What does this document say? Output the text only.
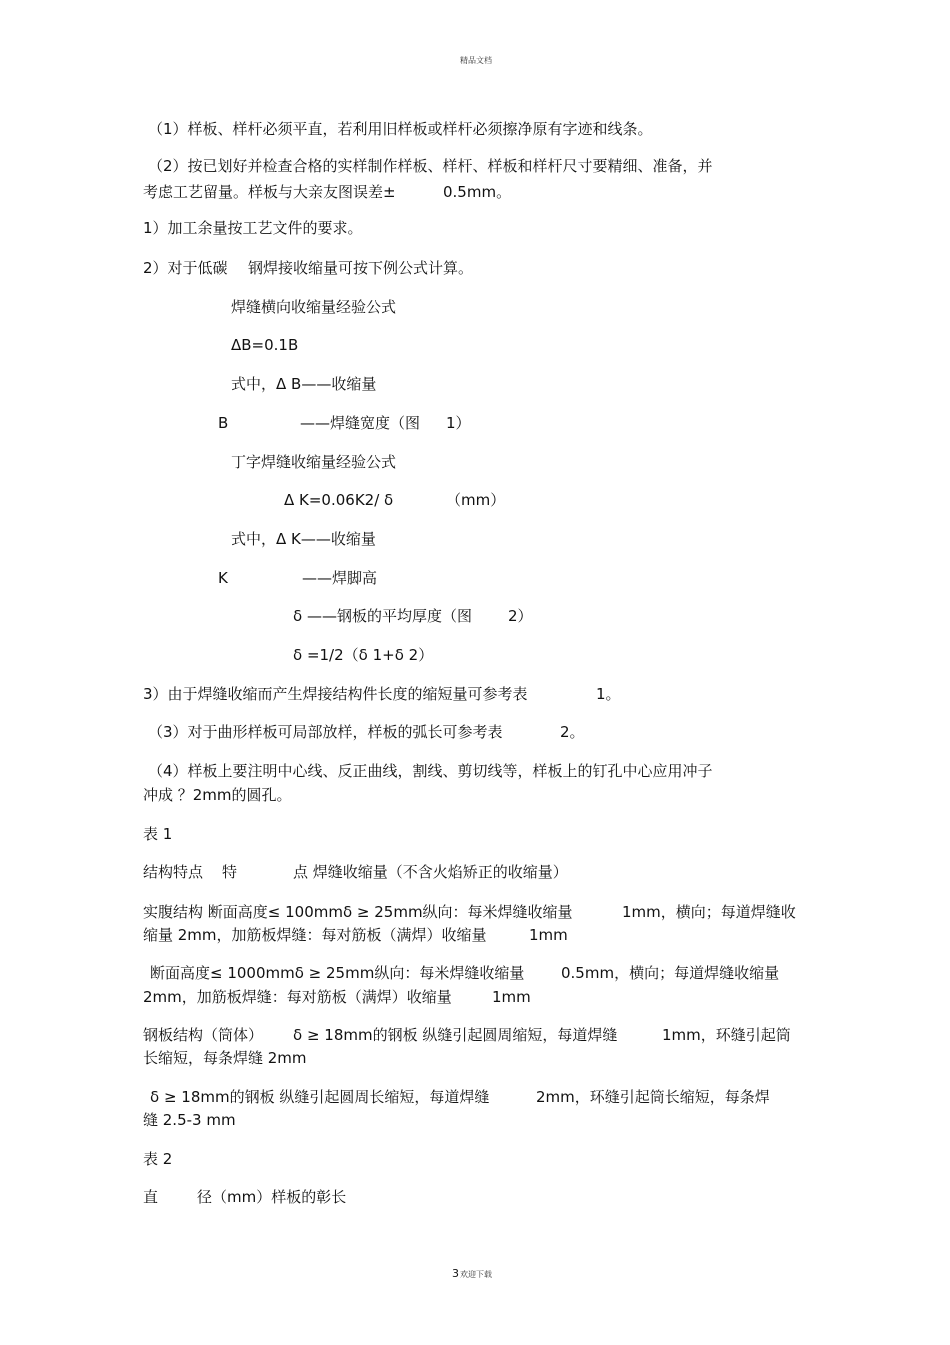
精品文档
（1）样板、样杆必须平直，若利用旧样板或样杆必须擦净原有字迹和线条。
（2）按已划好并检查合格的实样制作样板、样杆、样板和样杆尺寸要精细、准备，并
考虑工艺留量。样板与大亲友图误差±	0.5mm。
1）加工余量按工艺文件的要求。
2）对于低碳 钢焊接收缩量可按下例公式计算。
焊缝横向收缩量经验公式
ΔB=0.1B
式中，Δ B——收缩量
B	——焊缝宽度（图 1）
丁字焊缝收缩量经验公式
Δ K=0.06K2/ δ	（mm）
式中，Δ K——收缩量
K	——焊脚高
δ ——钢板的平均厚度（图 2）
δ =1/2（δ 1+δ 2）
3）由于焊缝收缩而产生焊接结构件长度的缩短量可参考表	1。
（3）对于曲形样板可局部放样，样板的弧长可参考表	2。
（4）样板上要注明中心线、反正曲线，割线、剪切线等，样板上的钉孔中心应用冲子
冲成 ？2mm的圆孔。
表 1
结构特点 特	点 焊缝收缩量（不含火焰矫正的收缩量）
实腹结构 断面高度≤ 100mmδ ≥ 25mm纵向：每米焊缝收缩量	1mm，横向；每道焊缝收
缩量 2mm，加筋板焊缝：每对筋板（满焊）收缩量	1mm
断面高度≤ 1000mmδ ≥ 25mm纵向：每米焊缝收缩量 0.5mm，横向；每道焊缝收缩量
2mm，加筋板焊缝：每对筋板（满焊）收缩量	1mm
钢板结构（筒体） δ ≥ 18mm的钢板 纵缝引起圆周缩短，每道焊缝	1mm，环缝引起筒
长缩短，每条焊缝 2mm
δ ≥ 18mm的钢板 纵缝引起圆周长缩短，每道焊缝	2mm，环缝引起筒长缩短，每条焊
缝 2.5-3 mm
表 2
直	径（mm）样板的彰长
3 欢迎下载
